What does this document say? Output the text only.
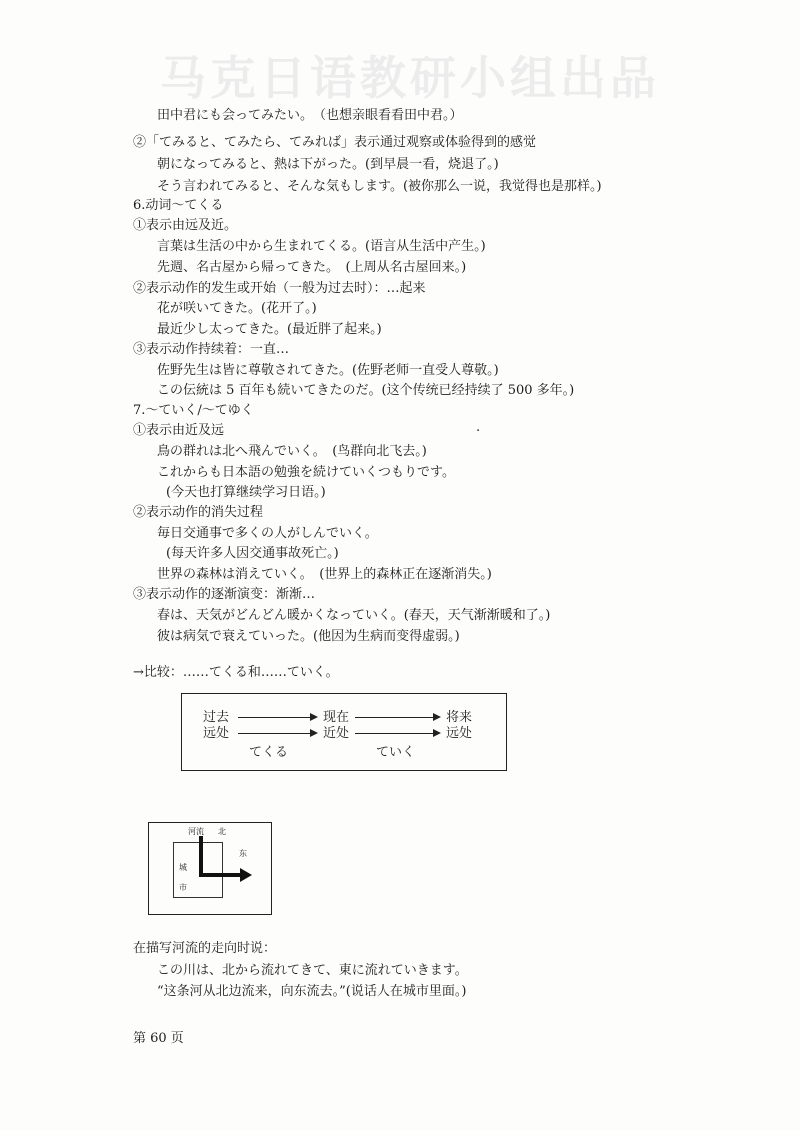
马克日语教研小组出品
田中君にも会ってみたい。　（也想亲眼看看田中君。）
②「てみると、てみたら、てみれば」表示通过观察或体验得到的感觉
朝になってみると、熱は下がった。(到早晨一看，烧退了。)
そう言われてみると、そんな気もします。(被你那么一说，我觉得也是那样。)
6.动词～てくる
①表示由远及近。
言葉は生活の中から生まれてくる。(语言从生活中产生。)
先週、名古屋から帰ってきた。　(上周从名古屋回来。)
②表示动作的发生或开始（一般为过去时）：…起来
花が咲いてきた。(花开了。)
最近少し太ってきた。(最近胖了起来。)
③表示动作持续着：一直…
佐野先生は皆に尊敬されてきた。(佐野老师一直受人尊敬。)
この伝統は 5 百年も続いてきたのだ。(这个传统已经持续了 500 多年。)
7.～ていく/～てゆく
①表示由近及远	.
鳥の群れは北へ飛んでいく。　(鸟群向北飞去。)
これからも日本語の勉強を続けていくつもりです。
(今天也打算继续学习日语。)
②表示动作的消失过程
毎日交通事で多くの人がしんでいく。
(每天许多人因交通事故死亡。)
世界の森林は消えていく。　(世界上的森林正在逐渐消失。)
③表示动作的逐渐演变：渐渐…
春は、天気がどんどん暖かくなっていく。(春天，天气渐渐暖和了。)
彼は病気で衰えていった。(他因为生病而变得虚弱。)
→比较：……てくる和……ていく。
过去
远处
现在
近处
将来
远处
てくる	ていく
河流 北
东
城
市
在描写河流的走向时说：
この川は、北から流れてきて、東に流れていきます。
“这条河从北边流来，向东流去。”(说话人在城市里面。)
第 60 页
